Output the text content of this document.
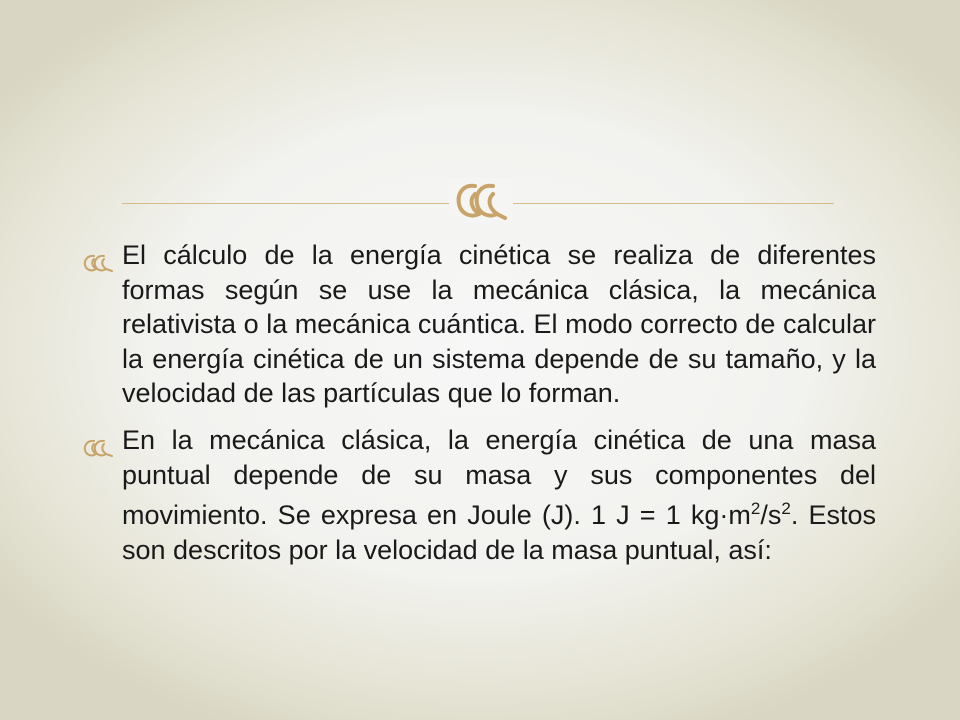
El cálculo de la energía cinética se realiza de diferentes formas según se use la mecánica clásica, la mecánica relativista o la mecánica cuántica. El modo correcto de calcular la energía cinética de un sistema depende de su tamaño, y la velocidad de las partículas que lo forman.
En la mecánica clásica, la energía cinética de una masa puntual depende de su masa y sus componentes del movimiento. Se expresa en Joule (J). 1 J = 1 $kg\cdot m^2/s^2$. Estos son descritos por la velocidad de la masa puntual, así:
